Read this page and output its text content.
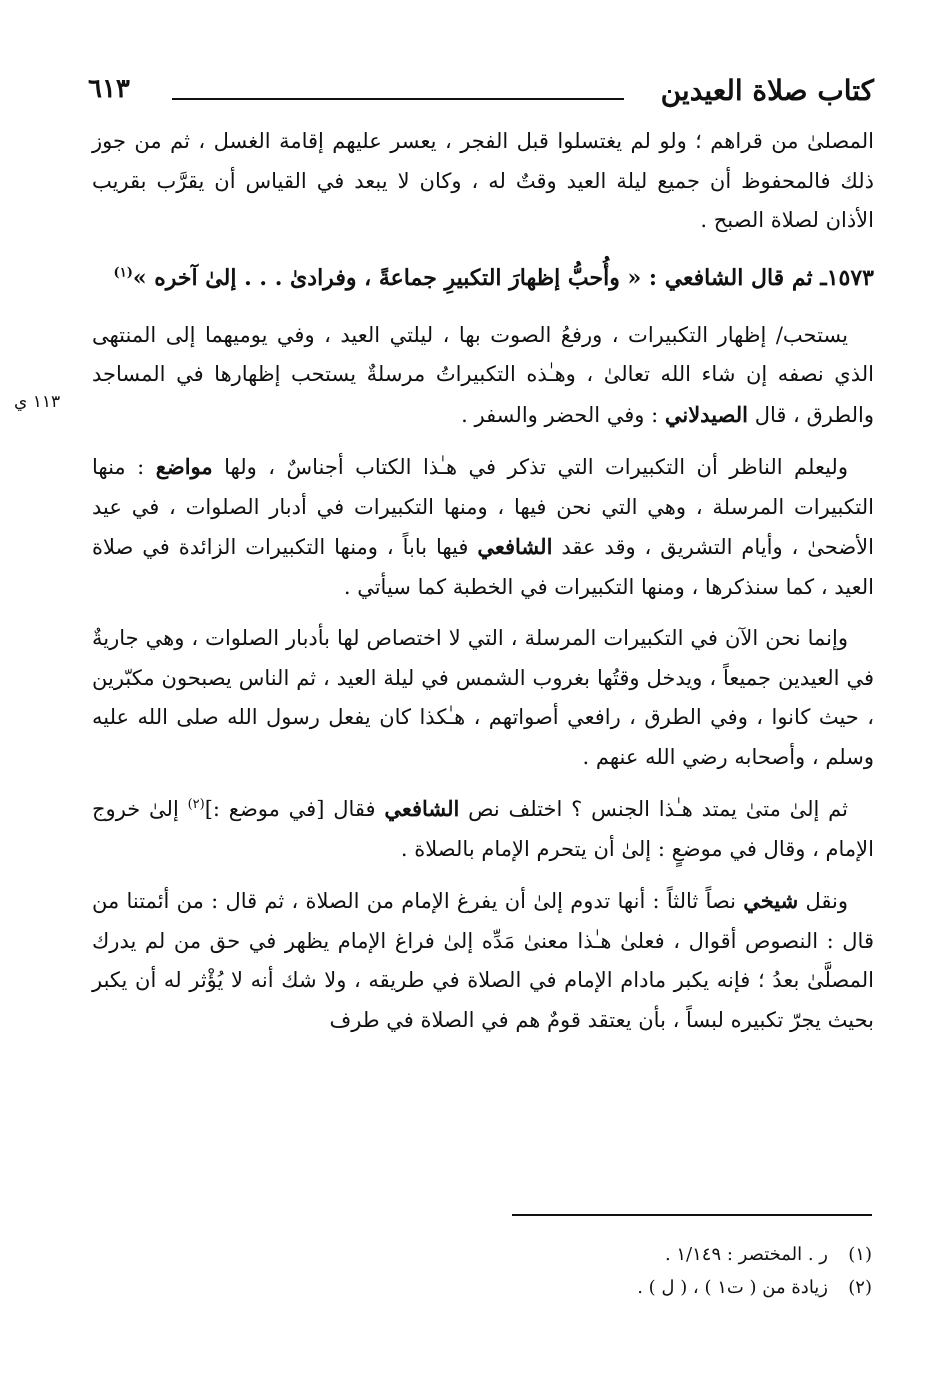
كتاب صلاة العيدين
٦١٣
١١٣ ي

المصلىٰ من قراهم ؛ ولو لم يغتسلوا قبل الفجر ، يعسر عليهم إقامة الغسل ، ثم من جوز ذلك فالمحفوظ أن جميع ليلة العيد وقتٌ له ، وكان لا يبعد في القياس أن يقرَّب بقريب الأذان لصلاة الصبح .

١٥٧٣ـ ثم قال الشافعي : « وأُحبُّ إظهارَ التكبيرِ جماعةً ، وفرادىٰ . . . إلىٰ آخره »$^{(١)}$

يستحب/ إظهار التكبيرات ، ورفعُ الصوت بها ، ليلتي العيد ، وفي يوميهما إلى المنتهى الذي نصفه إن شاء الله تعالىٰ ، وهـٰذه التكبيراتُ مرسلةٌ يستحب إظهارها في المساجد والطرق ، قال الصيدلاني : وفي الحضر والسفر .

وليعلم الناظر أن التكبيرات التي تذكر في هـٰذا الكتاب أجناسٌ ، ولها مواضع : منها التكبيرات المرسلة ، وهي التي نحن فيها ، ومنها التكبيرات في أدبار الصلوات ، في عيد الأضحىٰ ، وأيام التشريق ، وقد عقد الشافعي فيها باباً ، ومنها التكبيرات الزائدة في صلاة العيد ، كما سنذكرها ، ومنها التكبيرات في الخطبة كما سيأتي .

وإنما نحن الآن في التكبيرات المرسلة ، التي لا اختصاص لها بأدبار الصلوات ، وهي جاريةٌ في العيدين جميعاً ، ويدخل وقتُها بغروب الشمس في ليلة العيد ، ثم الناس يصبحون مكبّرين ، حيث كانوا ، وفي الطرق ، رافعي أصواتهم ، هـٰكذا كان يفعل رسول الله صلى الله عليه وسلم ، وأصحابه رضي الله عنهم .

ثم إلىٰ متىٰ يمتد هـٰذا الجنس ؟ اختلف نص الشافعي فقال [في موضع :]$^{(٢)}$ إلىٰ خروج الإمام ، وقال في موضعٍ : إلىٰ أن يتحرم الإمام بالصلاة .

ونقل شيخي نصاً ثالثاً : أنها تدوم إلىٰ أن يفرغ الإمام من الصلاة ، ثم قال : من أئمتنا من قال : النصوص أقوال ، فعلىٰ هـٰذا معنىٰ مَدِّه إلىٰ فراغ الإمام يظهر في حق من لم يدرك المصلَّىٰ بعدُ ؛ فإنه يكبر مادام الإمام في الصلاة في طريقه ، ولا شك أنه لا يُؤْثر له أن يكبر بحيث يجرّ تكبيره لبساً ، بأن يعتقد قومٌ هم في الصلاة في طرف

(١)
ر . المختصر : ١/١٤٩ .
(٢)
زيادة من ( ت١ ) ، ( ل ) .
